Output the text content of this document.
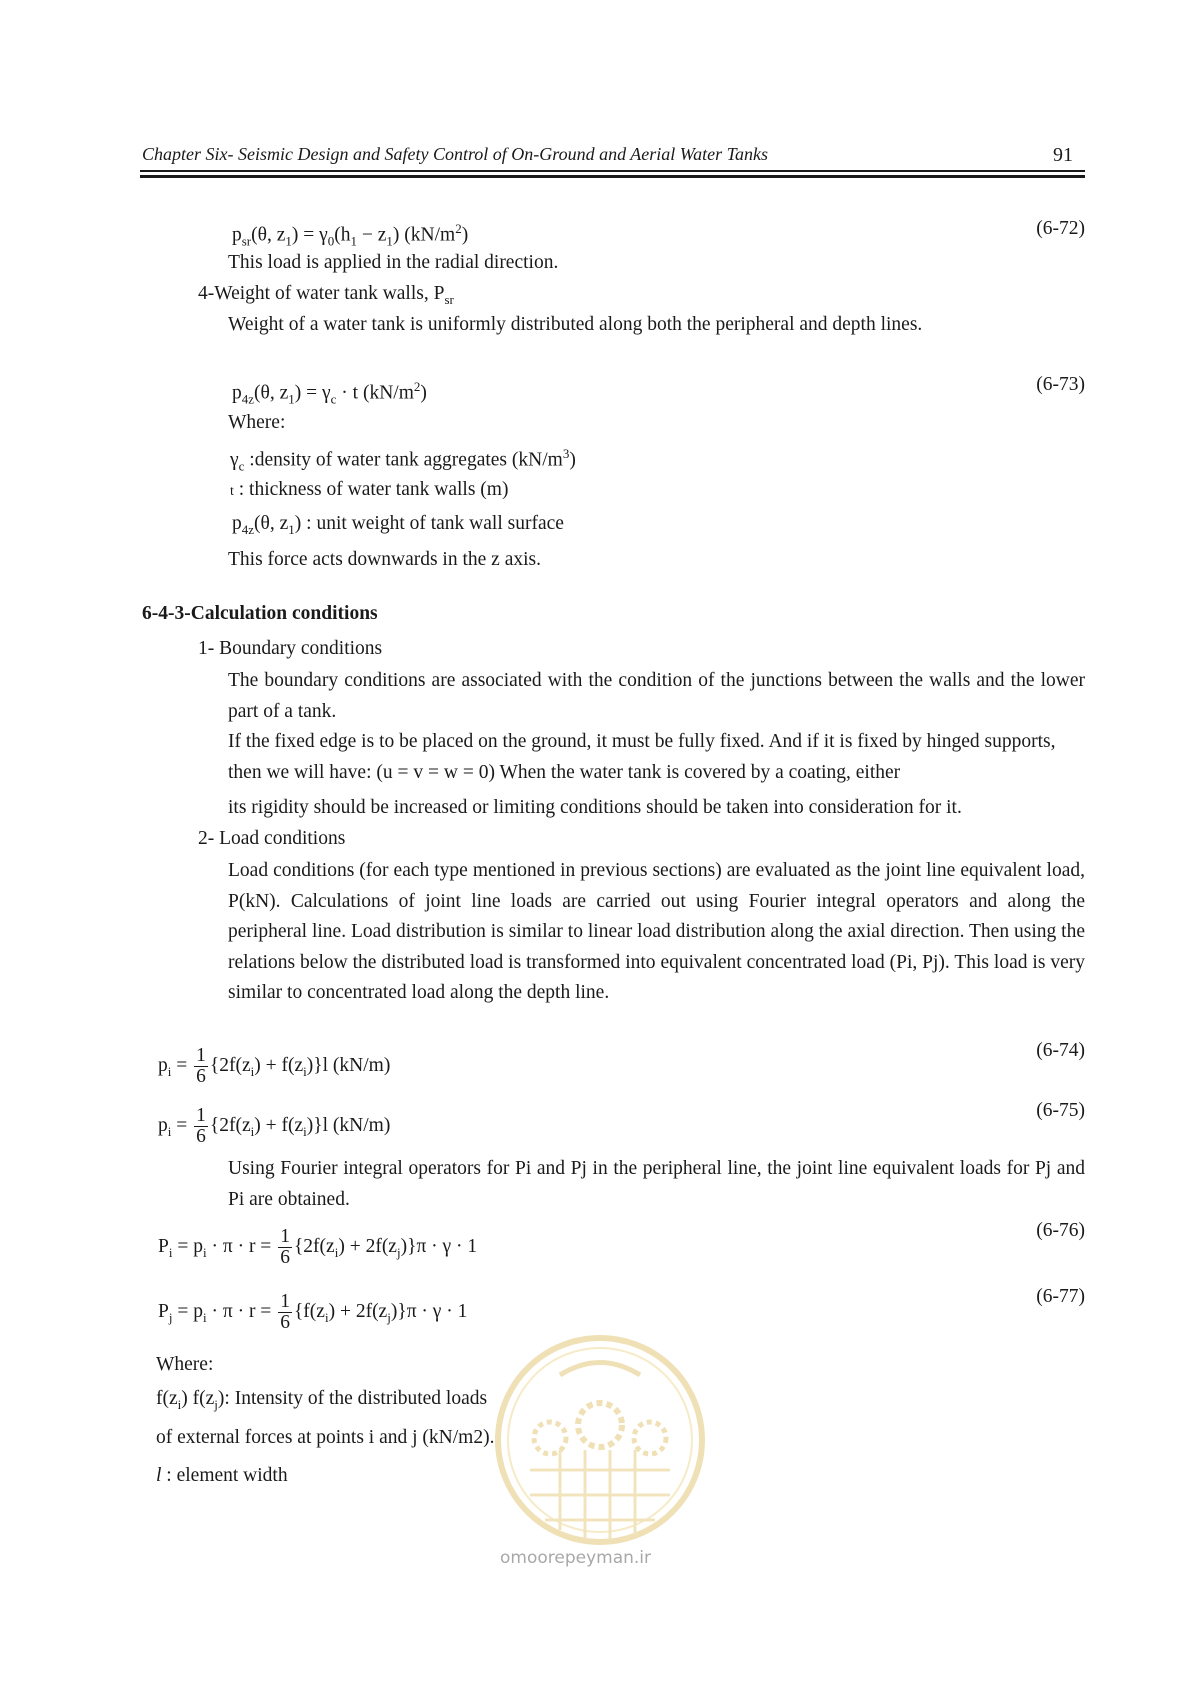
Chapter Six- Seismic Design and Safety Control of On-Ground and Aerial Water Tanks	91
$p_{sr}(\theta$, $z_1) = \gamma_0(h_1 - z_1)$ $(kN/m^2)$	(6-72)
This load is applied in the radial direction.
4-Weight of water tank walls, $P_{sr}$
Weight of a water tank is uniformly distributed along both the peripheral and depth lines.
$p_{4z}(\theta$, $z_1) = \gamma_c \cdot t$ $(kN/m^2)$	(6-73)
Where:
$\gamma_c$ :density of water tank aggregates $(kN/m^3)$
t : thickness of water tank walls (m)
$p_{4z}(\theta$, $z_1$) : unit weight of tank wall surface
This force acts downwards in the z axis.
6-4-3-Calculation conditions
1- Boundary conditions
The boundary conditions are associated with the condition of the junctions between the walls and the lower part of a tank.
If the fixed edge is to be placed on the ground, it must be fully fixed. And if it is fixed by hinged supports, then we will have: (u = v = w = 0) When the water tank is covered by a coating, either
its rigidity should be increased or limiting conditions should be taken into consideration for it.
2- Load conditions
Load conditions (for each type mentioned in previous sections) are evaluated as the joint line equivalent load, P(kN). Calculations of joint line loads are carried out using Fourier integral operators and along the peripheral line. Load distribution is similar to linear load distribution along the axial direction. Then using the relations below the distributed load is transformed into equivalent concentrated load (Pi, Pj). This load is very similar to concentrated load along the depth line.
$p_i = \frac{1}{6} \{2f(z_i) + f(z_i)\}l$ (kN/m)
(6-74)
$p_i = \frac{1}{6} \{2f(z_i) + f(z_i)\}l$ (kN/m)
(6-75)
Using Fourier integral operators for Pi and Pj in the peripheral line, the joint line equivalent loads for Pj and Pi are obtained.
$P_i = p_i \cdot \pi \cdot r = \frac{1}{6} \{2f(z_i) + 2f(z_j)\}\pi \cdot \gamma \cdot 1$
(6-76)
$P_j = p_i \cdot \pi \cdot r = \frac{1}{6} \{f(z_i) + 2f(z_j)\}\pi \cdot \gamma \cdot 1$
(6-77)
Where:
$f(z_i)$ $f(z_j)$: Intensity of the distributed loads
of external forces at points i and j (kN/m2).
l : element width
omoorepeyman.ir
